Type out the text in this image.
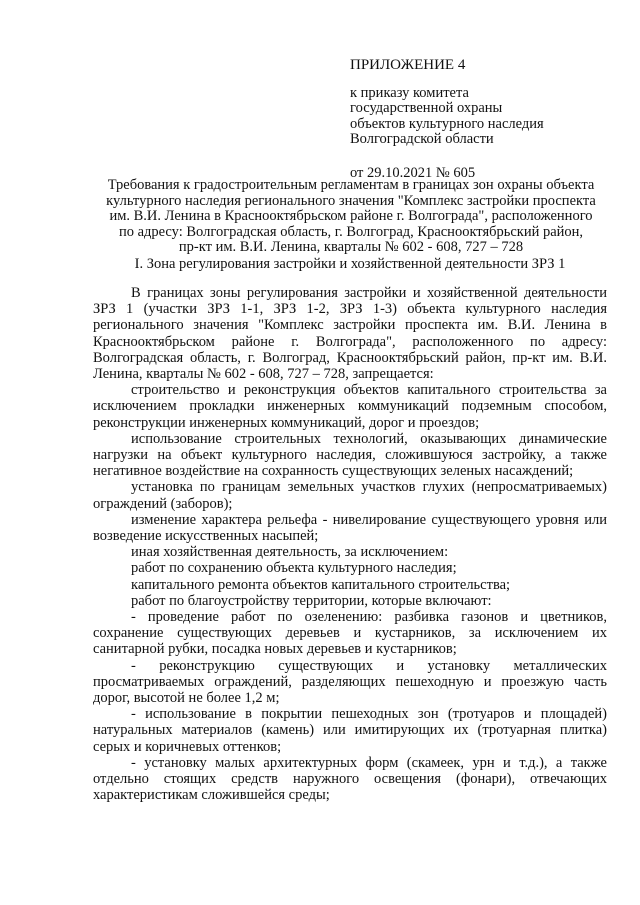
ПРИЛОЖЕНИЕ 4
к приказу комитета
государственной охраны
объектов культурного наследия
Волгоградской области
от 29.10.2021 № 605
Требования к градостроительным регламентам в границах зон охраны объекта
культурного наследия регионального значения "Комплекс застройки проспекта
им. В.И. Ленина в Краснооктябрьском районе г. Волгограда", расположенного
по адресу: Волгоградская область, г. Волгоград, Краснооктябрьский район,
пр-кт им. В.И. Ленина, кварталы № 602 - 608, 727 – 728
I. Зона регулирования застройки и хозяйственной деятельности ЗРЗ 1

В границах зоны регулирования застройки и хозяйственной деятельности ЗРЗ 1 (участки ЗРЗ 1-1, ЗРЗ 1-2, ЗРЗ 1-3) объекта культурного наследия регионального значения "Комплекс застройки проспекта им. В.И. Ленина в Краснооктябрьском районе г. Волгограда", расположенного по адресу: Волгоградская область, г. Волгоград, Краснооктябрьский район, пр-кт им. В.И. Ленина, кварталы № 602 - 608, 727 – 728, запрещается:

строительство и реконструкция объектов капитального строительства за исключением прокладки инженерных коммуникаций подземным способом, реконструкции инженерных коммуникаций, дорог и проездов;

использование строительных технологий, оказывающих динамические нагрузки на объект культурного наследия, сложившуюся застройку, а также негативное воздействие на сохранность существующих зеленых насаждений;

установка по границам земельных участков глухих (непросматриваемых) ограждений (заборов);

изменение характера рельефа - нивелирование существующего уровня или возведение искусственных насыпей;

иная хозяйственная деятельность, за исключением:

работ по сохранению объекта культурного наследия;

капитального ремонта объектов капитального строительства;

работ по благоустройству территории, которые включают:

- проведение работ по озеленению: разбивка газонов и цветников, сохранение существующих деревьев и кустарников, за исключением их санитарной рубки, посадка новых деревьев и кустарников;

- реконструкцию существующих и установку металлических просматриваемых ограждений, разделяющих пешеходную и проезжую часть дорог, высотой не более 1,2 м;

- использование в покрытии пешеходных зон (тротуаров и площадей) натуральных материалов (камень) или имитирующих их (тротуарная плитка) серых и коричневых оттенков;

- установку малых архитектурных форм (скамеек, урн и т.д.), а также отдельно стоящих средств наружного освещения (фонари), отвечающих характеристикам сложившейся среды;
